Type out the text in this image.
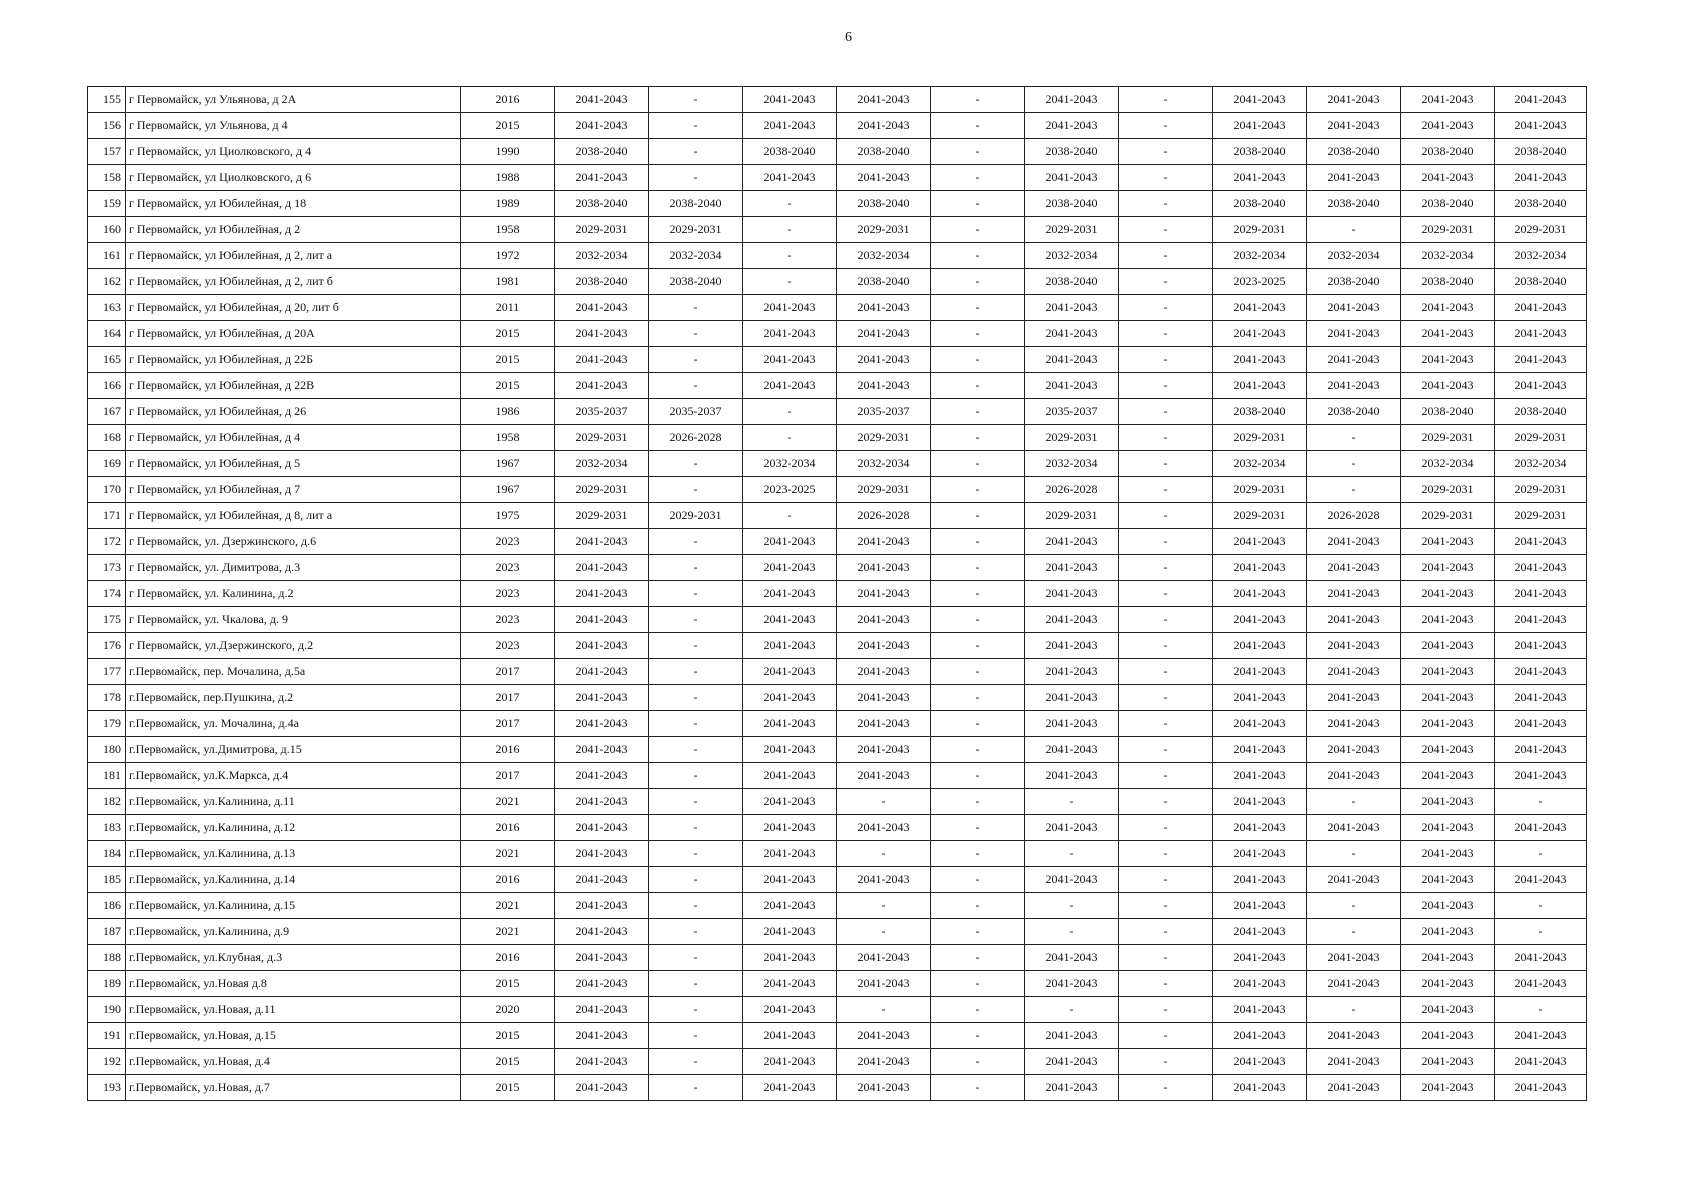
6
155	г Первомайск, ул Ульянова, д 2А	2016	2041-2043	-	2041-2043	2041-2043	-	2041-2043	-	2041-2043	2041-2043	2041-2043	2041-2043
156	г Первомайск, ул Ульянова, д 4	2015	2041-2043	-	2041-2043	2041-2043	-	2041-2043	-	2041-2043	2041-2043	2041-2043	2041-2043
157	г Первомайск, ул Циолковского, д 4	1990	2038-2040	-	2038-2040	2038-2040	-	2038-2040	-	2038-2040	2038-2040	2038-2040	2038-2040
158	г Первомайск, ул Циолковского, д 6	1988	2041-2043	-	2041-2043	2041-2043	-	2041-2043	-	2041-2043	2041-2043	2041-2043	2041-2043
159	г Первомайск, ул Юбилейная, д 18	1989	2038-2040	2038-2040	-	2038-2040	-	2038-2040	-	2038-2040	2038-2040	2038-2040	2038-2040
160	г Первомайск, ул Юбилейная, д 2	1958	2029-2031	2029-2031	-	2029-2031	-	2029-2031	-	2029-2031	-	2029-2031	2029-2031
161	г Первомайск, ул Юбилейная, д 2, лит а	1972	2032-2034	2032-2034	-	2032-2034	-	2032-2034	-	2032-2034	2032-2034	2032-2034	2032-2034
162	г Первомайск, ул Юбилейная, д 2, лит б	1981	2038-2040	2038-2040	-	2038-2040	-	2038-2040	-	2023-2025	2038-2040	2038-2040	2038-2040
163	г Первомайск, ул Юбилейная, д 20, лит б	2011	2041-2043	-	2041-2043	2041-2043	-	2041-2043	-	2041-2043	2041-2043	2041-2043	2041-2043
164	г Первомайск, ул Юбилейная, д 20А	2015	2041-2043	-	2041-2043	2041-2043	-	2041-2043	-	2041-2043	2041-2043	2041-2043	2041-2043
165	г Первомайск, ул Юбилейная, д 22Б	2015	2041-2043	-	2041-2043	2041-2043	-	2041-2043	-	2041-2043	2041-2043	2041-2043	2041-2043
166	г Первомайск, ул Юбилейная, д 22В	2015	2041-2043	-	2041-2043	2041-2043	-	2041-2043	-	2041-2043	2041-2043	2041-2043	2041-2043
167	г Первомайск, ул Юбилейная, д 26	1986	2035-2037	2035-2037	-	2035-2037	-	2035-2037	-	2038-2040	2038-2040	2038-2040	2038-2040
168	г Первомайск, ул Юбилейная, д 4	1958	2029-2031	2026-2028	-	2029-2031	-	2029-2031	-	2029-2031	-	2029-2031	2029-2031
169	г Первомайск, ул Юбилейная, д 5	1967	2032-2034	-	2032-2034	2032-2034	-	2032-2034	-	2032-2034	-	2032-2034	2032-2034
170	г Первомайск, ул Юбилейная, д 7	1967	2029-2031	-	2023-2025	2029-2031	-	2026-2028	-	2029-2031	-	2029-2031	2029-2031
171	г Первомайск, ул Юбилейная, д 8, лит а	1975	2029-2031	2029-2031	-	2026-2028	-	2029-2031	-	2029-2031	2026-2028	2029-2031	2029-2031
172	г Первомайск, ул. Дзержинского, д.6	2023	2041-2043	-	2041-2043	2041-2043	-	2041-2043	-	2041-2043	2041-2043	2041-2043	2041-2043
173	г Первомайск, ул. Димитрова, д.3	2023	2041-2043	-	2041-2043	2041-2043	-	2041-2043	-	2041-2043	2041-2043	2041-2043	2041-2043
174	г Первомайск, ул. Калинина, д.2	2023	2041-2043	-	2041-2043	2041-2043	-	2041-2043	-	2041-2043	2041-2043	2041-2043	2041-2043
175	г Первомайск, ул. Чкалова, д. 9	2023	2041-2043	-	2041-2043	2041-2043	-	2041-2043	-	2041-2043	2041-2043	2041-2043	2041-2043
176	г Первомайск, ул.Дзержинского, д.2	2023	2041-2043	-	2041-2043	2041-2043	-	2041-2043	-	2041-2043	2041-2043	2041-2043	2041-2043
177	г.Первомайск, пер. Мочалина, д.5а	2017	2041-2043	-	2041-2043	2041-2043	-	2041-2043	-	2041-2043	2041-2043	2041-2043	2041-2043
178	г.Первомайск, пер.Пушкина, д.2	2017	2041-2043	-	2041-2043	2041-2043	-	2041-2043	-	2041-2043	2041-2043	2041-2043	2041-2043
179	г.Первомайск, ул. Мочалина, д.4а	2017	2041-2043	-	2041-2043	2041-2043	-	2041-2043	-	2041-2043	2041-2043	2041-2043	2041-2043
180	г.Первомайск, ул.Димитрова, д.15	2016	2041-2043	-	2041-2043	2041-2043	-	2041-2043	-	2041-2043	2041-2043	2041-2043	2041-2043
181	г.Первомайск, ул.К.Маркса, д.4	2017	2041-2043	-	2041-2043	2041-2043	-	2041-2043	-	2041-2043	2041-2043	2041-2043	2041-2043
182	г.Первомайск, ул.Калинина, д.11	2021	2041-2043	-	2041-2043	-	-	-	-	2041-2043	-	2041-2043	-
183	г.Первомайск, ул.Калинина, д.12	2016	2041-2043	-	2041-2043	2041-2043	-	2041-2043	-	2041-2043	2041-2043	2041-2043	2041-2043
184	г.Первомайск, ул.Калинина, д.13	2021	2041-2043	-	2041-2043	-	-	-	-	2041-2043	-	2041-2043	-
185	г.Первомайск, ул.Калинина, д.14	2016	2041-2043	-	2041-2043	2041-2043	-	2041-2043	-	2041-2043	2041-2043	2041-2043	2041-2043
186	г.Первомайск, ул.Калинина, д.15	2021	2041-2043	-	2041-2043	-	-	-	-	2041-2043	-	2041-2043	-
187	г.Первомайск, ул.Калинина, д.9	2021	2041-2043	-	2041-2043	-	-	-	-	2041-2043	-	2041-2043	-
188	г.Первомайск, ул.Клубная, д.3	2016	2041-2043	-	2041-2043	2041-2043	-	2041-2043	-	2041-2043	2041-2043	2041-2043	2041-2043
189	г.Первомайск, ул.Новая д.8	2015	2041-2043	-	2041-2043	2041-2043	-	2041-2043	-	2041-2043	2041-2043	2041-2043	2041-2043
190	г.Первомайск, ул.Новая, д.11	2020	2041-2043	-	2041-2043	-	-	-	-	2041-2043	-	2041-2043	-
191	г.Первомайск, ул.Новая, д.15	2015	2041-2043	-	2041-2043	2041-2043	-	2041-2043	-	2041-2043	2041-2043	2041-2043	2041-2043
192	г.Первомайск, ул.Новая, д.4	2015	2041-2043	-	2041-2043	2041-2043	-	2041-2043	-	2041-2043	2041-2043	2041-2043	2041-2043
193	г.Первомайск, ул.Новая, д.7	2015	2041-2043	-	2041-2043	2041-2043	-	2041-2043	-	2041-2043	2041-2043	2041-2043	2041-2043
